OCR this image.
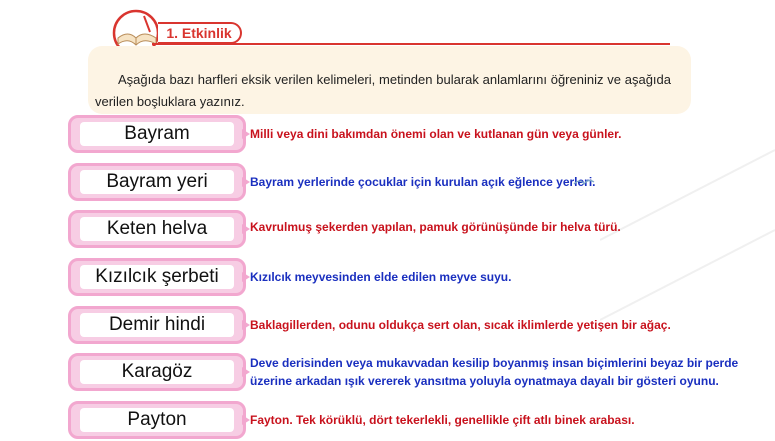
1. Etkinlik
Aşağıda bazı harfleri eksik verilen kelimeleri, metinden bularak anlamlarını öğreniniz ve aşağıda verilen boşluklara yazınız.
Bayram	Milli veya dini bakımdan önemi olan ve kutlanan gün veya günler.
Bayram yeri	Bayram yerlerinde çocuklar için kurulan açık eğlence yerleri.
Keten helva	Kavrulmuş şekerden yapılan, pamuk görünüşünde bir helva türü.
Kızılcık şerbeti	Kızılcık meyvesinden elde edilen meyve suyu.
Demir hindi	Baklagillerden, odunu oldukça sert olan, sıcak iklimlerde yetişen bir ağaç.
Karagöz	Deve derisinden veya mukavvadan kesilip boyanmış insan biçimlerini beyaz bir perde
üzerine arkadan ışık vererek yansıtma yoluyla oynatmaya dayalı bir gösteri oyunu.
Payton	Fayton. Tek körüklü, dört tekerlekli, genellikle çift atlı binek arabası.
